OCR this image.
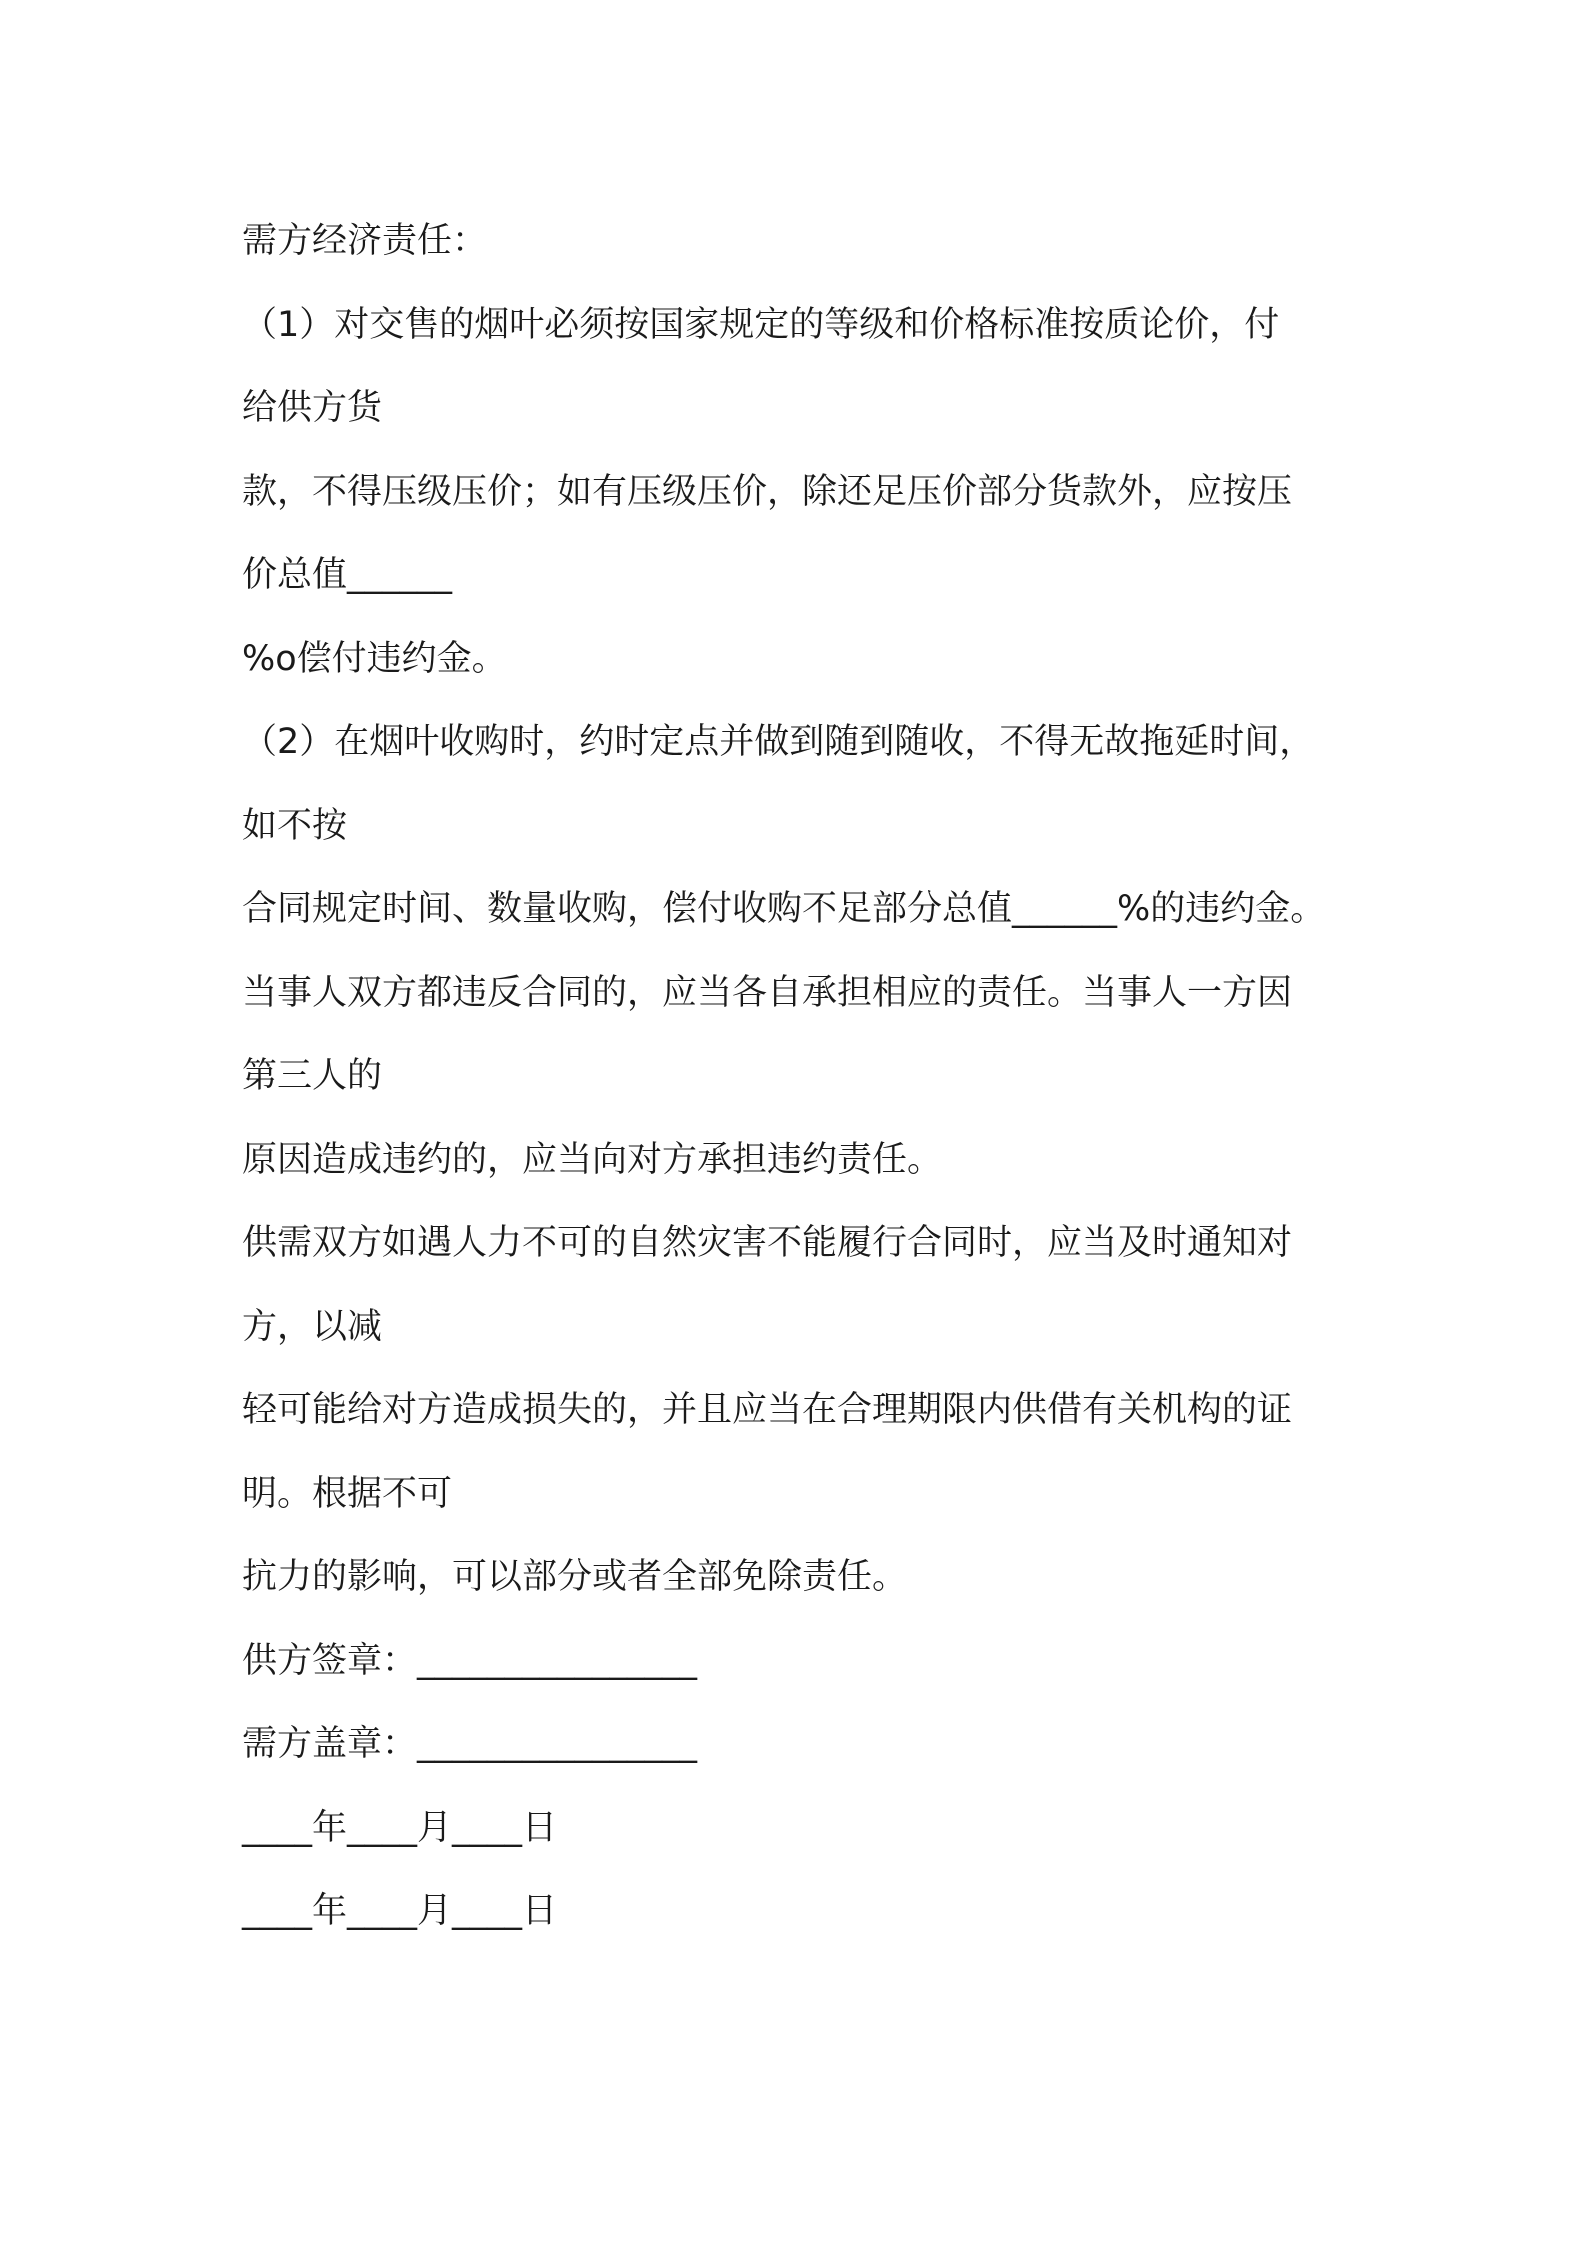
需方经济责任：
（1）对交售的烟叶必须按国家规定的等级和价格标准按质论价，付
给供方货
款，不得压级压价；如有压级压价，除还足压价部分货款外，应按压
价总值______
%o偿付违约金。
（2）在烟叶收购时，约时定点并做到随到随收，不得无故拖延时间，
如不按
合同规定时间、数量收购，偿付收购不足部分总值______%的违约金。
当事人双方都违反合同的，应当各自承担相应的责任。当事人一方因
第三人的
原因造成违约的，应当向对方承担违约责任。
供需双方如遇人力不可的自然灾害不能履行合同时，应当及时通知对
方，以减
轻可能给对方造成损失的，并且应当在合理期限内供借有关机构的证
明。根据不可
抗力的影响，可以部分或者全部免除责任。
供方签章：________________
需方盖章：________________
____年____月____日
____年____月____日
